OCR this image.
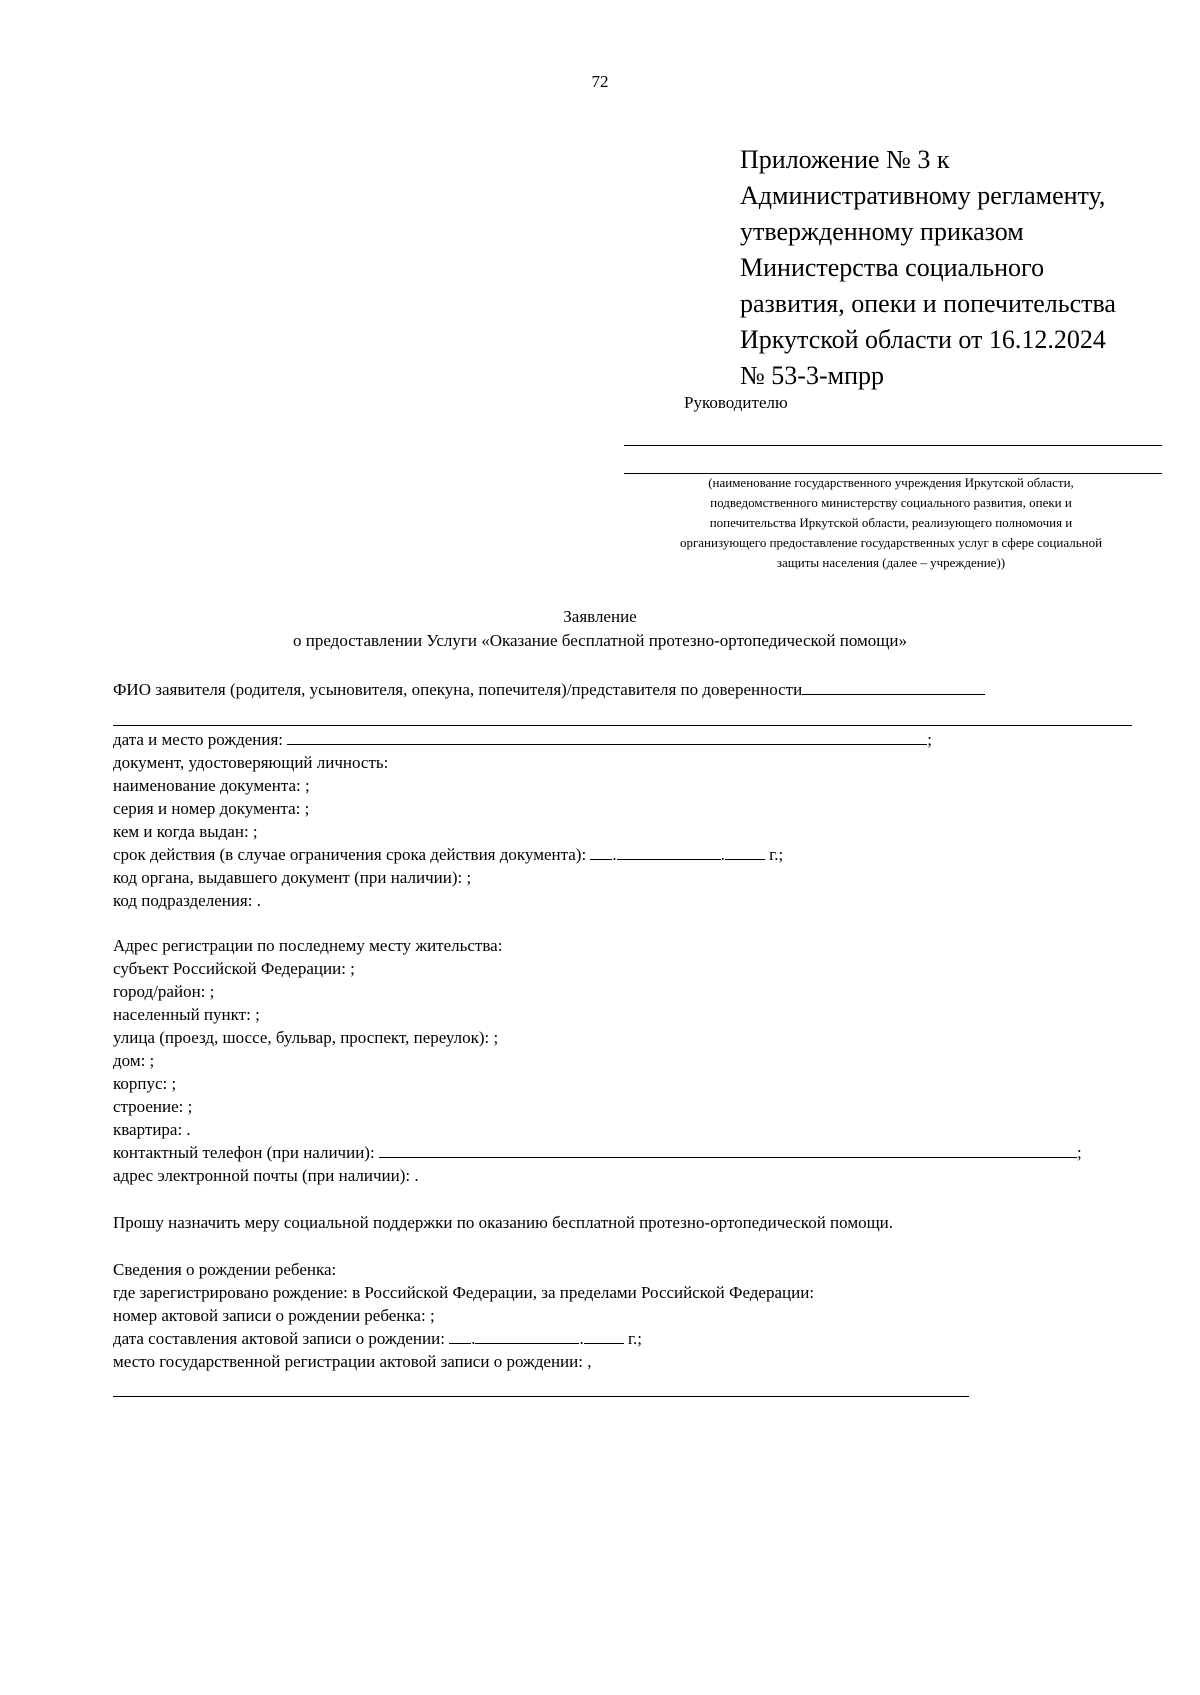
72
Приложение № 3 к
Административному регламенту,
утвержденному приказом
Министерства социального
развития, опеки и попечительства
Иркутской области от 16.12.2024
№ 53-3-мпрр
Руководителю
(наименование государственного учреждения Иркутской области,
подведомственного министерству социального развития, опеки и
попечительства Иркутской области, реализующего полномочия и
организующего предоставление государственных услуг в сфере социальной
защиты населения (далее – учреждение))
Заявление
о предоставлении Услуги «Оказание бесплатной протезно-ортопедической помощи»
ФИО заявителя (родителя, усыновителя, опекуна, попечителя)/представителя по доверенности
дата и место рождения:	;
документ, удостоверяющий личность:
наименование документа: ;
серия и номер документа: ;
кем и когда выдан: ;
срок действия (в случае ограничения срока действия документа): .	.	г.;
код органа, выдавшего документ (при наличии): ;
код подразделения: .
Адрес регистрации по последнему месту жительства:
субъект Российской Федерации: ;
город/район: ;
населенный пункт: ;
улица (проезд, шоссе, бульвар, проспект, переулок): ;
дом: ;
корпус: ;
строение: ;
квартира: .
контактный телефон (при наличии):	;
адрес электронной почты (при наличии): .
Прошу назначить меру социальной поддержки по оказанию бесплатной протезно-ортопедической помощи.
Сведения о рождении ребенка:
где зарегистрировано рождение: в Российской Федерации, за пределами Российской Федерации:
номер актовой записи о рождении ребенка: ;
дата составления актовой записи о рождении: .	.	г.;
место государственной регистрации актовой записи о рождении: ,
